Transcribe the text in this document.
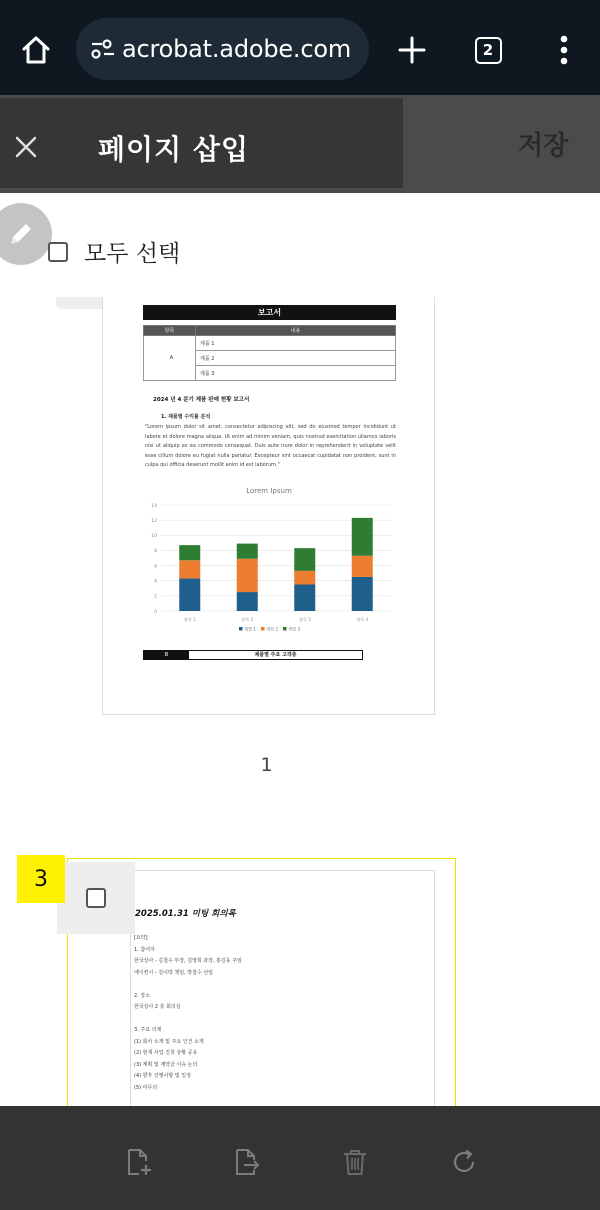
acrobat.adobe.com	2
페이지 삽입	저장
모두 선택
보고서
항목	내용
A	제품 1
	제품 2
	제품 3
2024 년 4 분기 제품 판매 현황 보고서
1. 제품별 수익률 분석
"Lorem ipsum dolor sit amet, consectetur adipiscing elit, sed do eiusmod tempor incididunt ut labore et dolore magna aliqua. Ut enim ad minim veniam, quis nostrud exercitation ullamco laboris nisi ut aliquip ex ea commodo consequat. Duis aute irure dolor in reprehenderit in voluptate velit esse cillum dolore eu fugiat nulla pariatur. Excepteur sint occaecat cupidatat non proident, sunt in culpa qui officia deserunt mollit anim id est laborum."
Lorem Ipsum
0
2
4
6
8
10
12
14
항목 1	항목 2	항목 3	항목 4
계열 1 계열 2 계열 3
B	제품별 주요 고객층
1
2025.01.31 미팅 회의록
[요약]
1. 참여자
한국상사 - 김철수 부장, 김영희 과장, 홍길동 주임
에이컨시 - 김이박 책임, 박철수 선임
2. 장소
한국상사 2 층 회의실
3. 주요 의제
(1) 회사 소개 및 주요 인건 소개
(2) 현재 사업 진척 상황 공유
(3) 계획 및 계약금 이슈 논의
(4) 향후 진행사항 및 일정
(5) 마무리
3
